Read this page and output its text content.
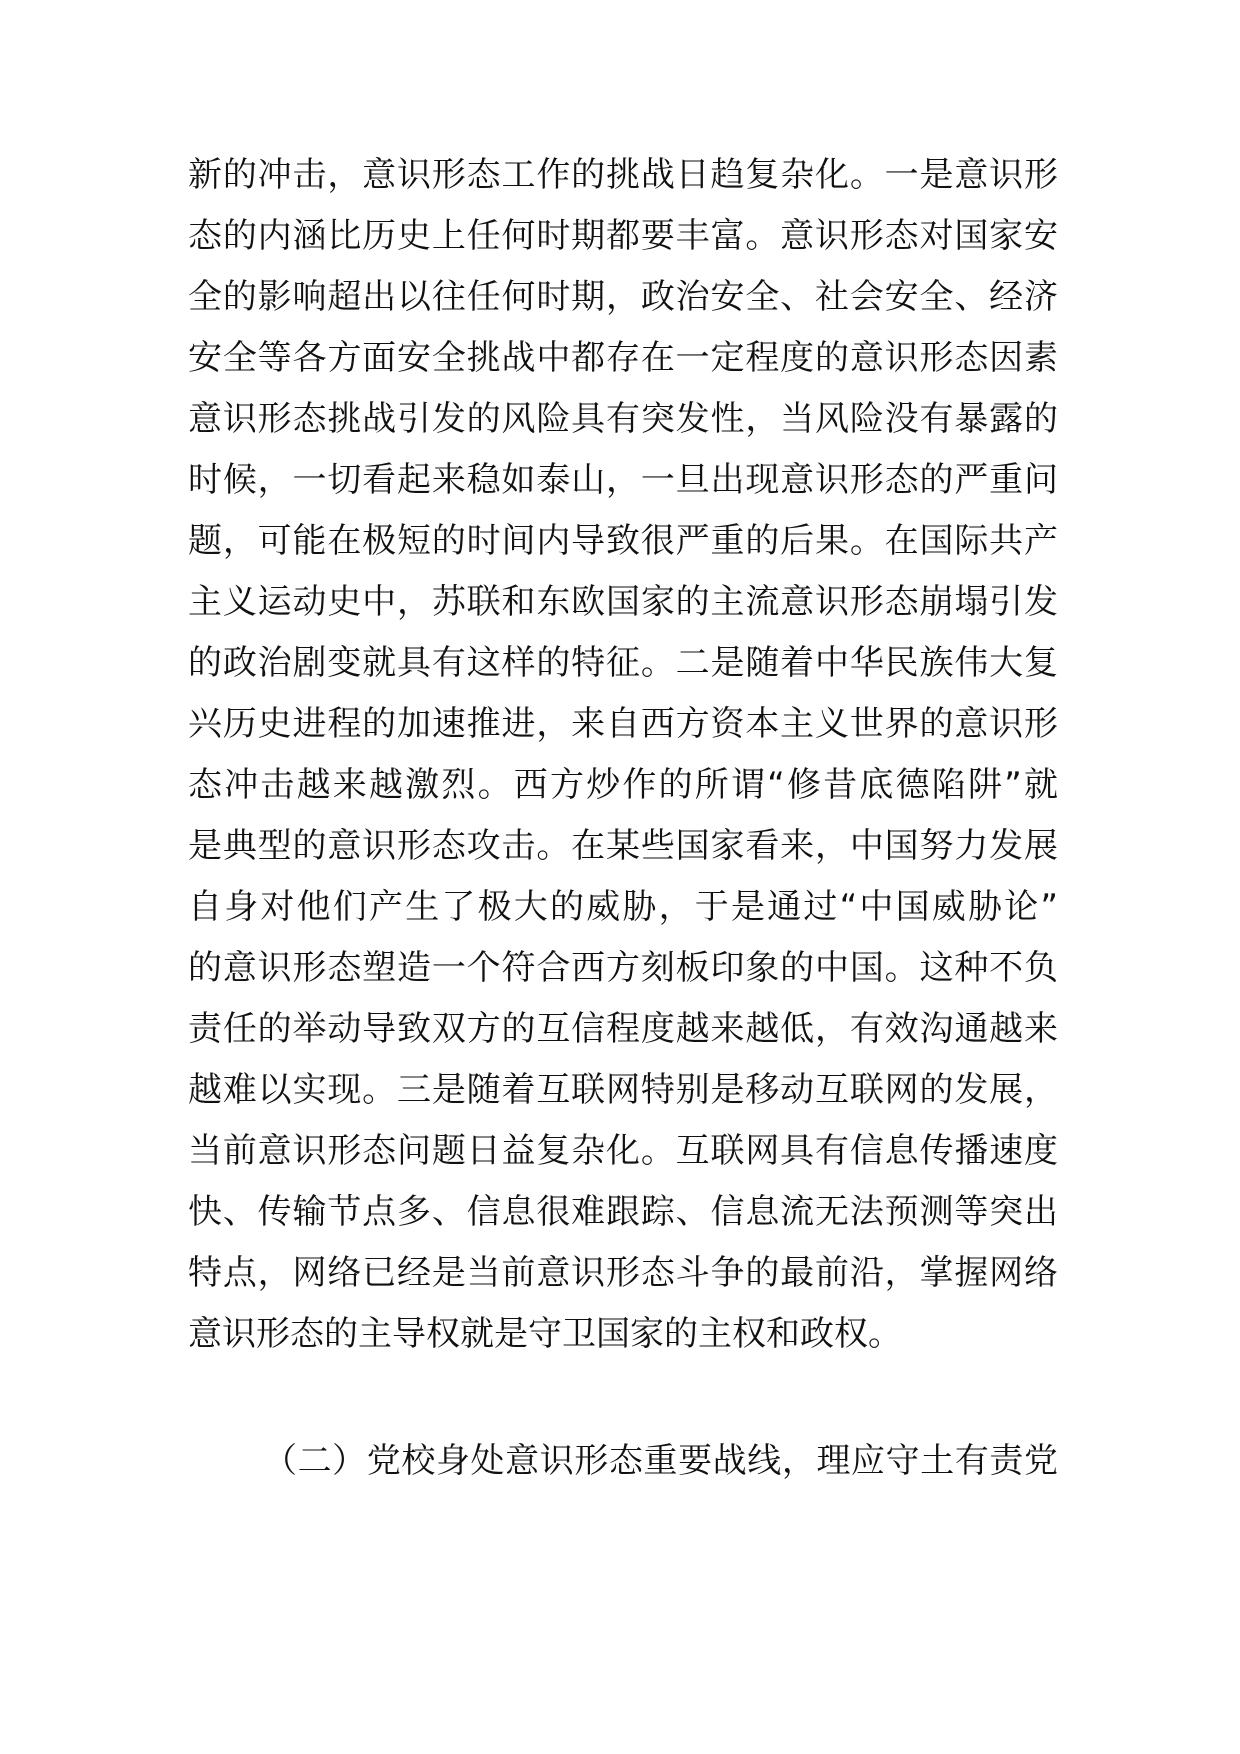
新的冲击，意识形态工作的挑战日趋复杂化。一是意识形
态的内涵比历史上任何时期都要丰富。意识形态对国家安
全的影响超出以往任何时期，政治安全、社会安全、经济
安全等各方面安全挑战中都存在一定程度的意识形态因素
意识形态挑战引发的风险具有突发性，当风险没有暴露的
时候，一切看起来稳如泰山，一旦出现意识形态的严重问
题，可能在极短的时间内导致很严重的后果。在国际共产
主义运动史中，苏联和东欧国家的主流意识形态崩塌引发
的政治剧变就具有这样的特征。二是随着中华民族伟大复
兴历史进程的加速推进，来自西方资本主义世界的意识形
态冲击越来越激烈。西方炒作的所谓“修昔底德陷阱”就
是典型的意识形态攻击。在某些国家看来，中国努力发展
自身对他们产生了极大的威胁，于是通过“中国威胁论”
的意识形态塑造一个符合西方刻板印象的中国。这种不负
责任的举动导致双方的互信程度越来越低，有效沟通越来
越难以实现。三是随着互联网特别是移动互联网的发展，
当前意识形态问题日益复杂化。互联网具有信息传播速度
快、传输节点多、信息很难跟踪、信息流无法预测等突出
特点，网络已经是当前意识形态斗争的最前沿，掌握网络
意识形态的主导权就是守卫国家的主权和政权。
（二）党校身处意识形态重要战线，理应守土有责党
